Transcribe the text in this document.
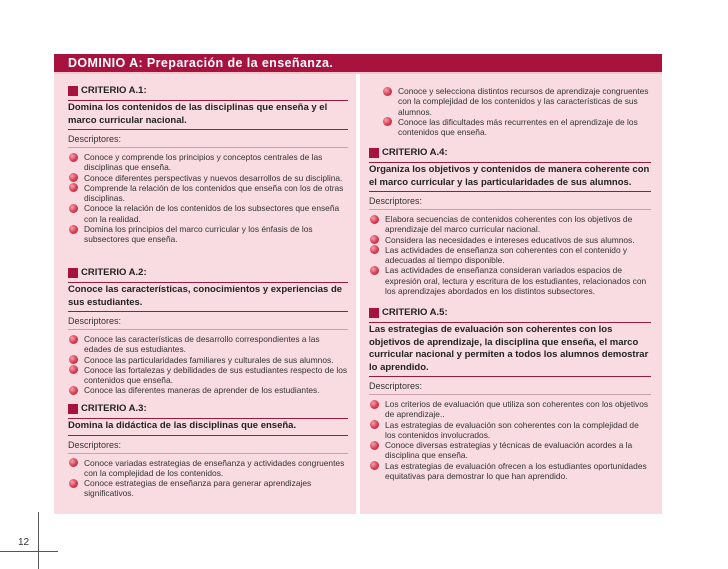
DOMINIO A: Preparación de la enseñanza.
CRITERIO A.1:
Domina los contenidos de las disciplinas que enseña y el marco curricular nacional.
Descriptores:
Conoce y comprende los principios y conceptos centrales de las disciplinas que enseña.
Conoce diferentes perspectivas y nuevos desarrollos de su disciplina.
Comprende la relación de los contenidos que enseña con los de otras disciplinas.
Conoce la relación de los contenidos de los subsectores que enseña con la realidad.
Domina los principios del marco curricular y los énfasis de los subsectores que enseña.
CRITERIO A.2:
Conoce las características, conocimientos y experiencias de sus estudiantes.
Descriptores:
Conoce las características de desarrollo correspondientes a las edades de sus estudiantes.
Conoce las particularidades familiares y culturales de sus alumnos.
Conoce las fortalezas y debilidades de sus estudiantes respecto de los contenidos que enseña.
Conoce las diferentes maneras de aprender de los estudiantes.
CRITERIO A.3:
Domina la didáctica de las disciplinas que enseña.
Descriptores:
Conoce variadas estrategias de enseñanza y actividades congruentes con la complejidad de los contenidos.
Conoce estrategias de enseñanza para generar aprendizajes significativos.
Conoce y selecciona distintos recursos de aprendizaje congruentes con la complejidad de los contenidos y las características de sus alumnos.
Conoce las dificultades más recurrentes en el aprendizaje de los contenidos que enseña.
CRITERIO A.4:
Organiza los objetivos y contenidos de manera coherente con el marco curricular y las particularidades de sus alumnos.
Descriptores:
Elabora secuencias de contenidos coherentes con los objetivos de aprendizaje del marco curricular nacional.
Considera las necesidades e intereses educativos de sus alumnos.
Las actividades de enseñanza son coherentes con el contenido y adecuadas al tiempo disponible.
Las actividades de enseñanza consideran variados espacios de expresión oral, lectura y escritura de los estudiantes, relacionados con los aprendizajes abordados en los distintos subsectores.
CRITERIO A.5:
Las estrategias de evaluación son coherentes con los objetivos de aprendizaje, la disciplina que enseña, el marco curricular nacional y permiten a todos los alumnos demostrar lo aprendido.
Descriptores:
Los criterios de evaluación que utiliza son coherentes con los objetivos de aprendizaje..
Las estrategias de evaluación son coherentes con la complejidad de los contenidos involucrados.
Conoce diversas estrategias y técnicas de evaluación acordes a la disciplina que enseña.
Las estrategias de evaluación ofrecen a los estudiantes oportunidades equitativas para demostrar lo que han aprendido.
12
